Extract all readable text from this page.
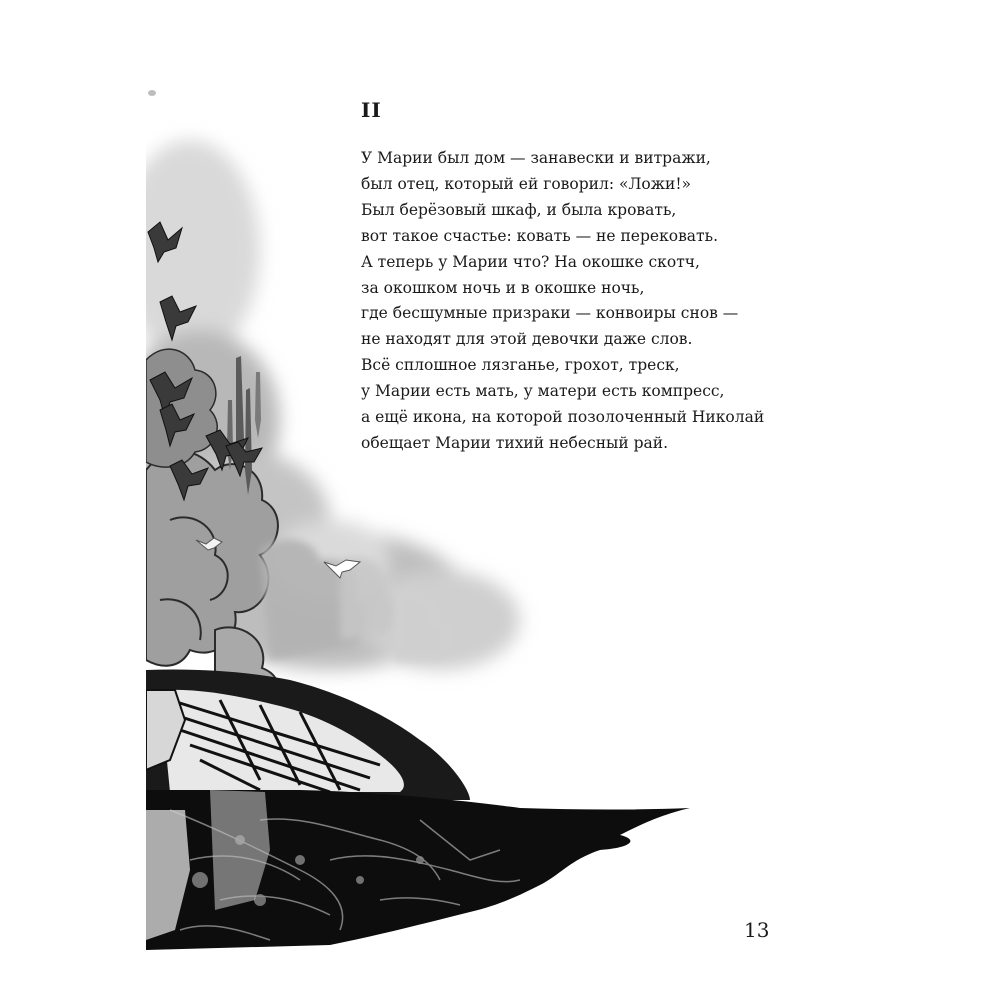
II
У Марии был дом — занавески и витражи,
был отец, который ей говорил: «Ложи!»
Был берёзовый шкаф, и была кровать,
вот такое счастье: ковать — не перековать.
А теперь у Марии что? На окошке скотч,
за окошком ночь и в окошке ночь,
где бесшумные призраки — конвоиры снов —
не находят для этой девочки даже слов.
Всё сплошное лязганье, грохот, треск,
у Марии есть мать, у матери есть компресс,
а ещё икона, на которой позолоченный Николай
обещает Марии тихий небесный рай.
13
